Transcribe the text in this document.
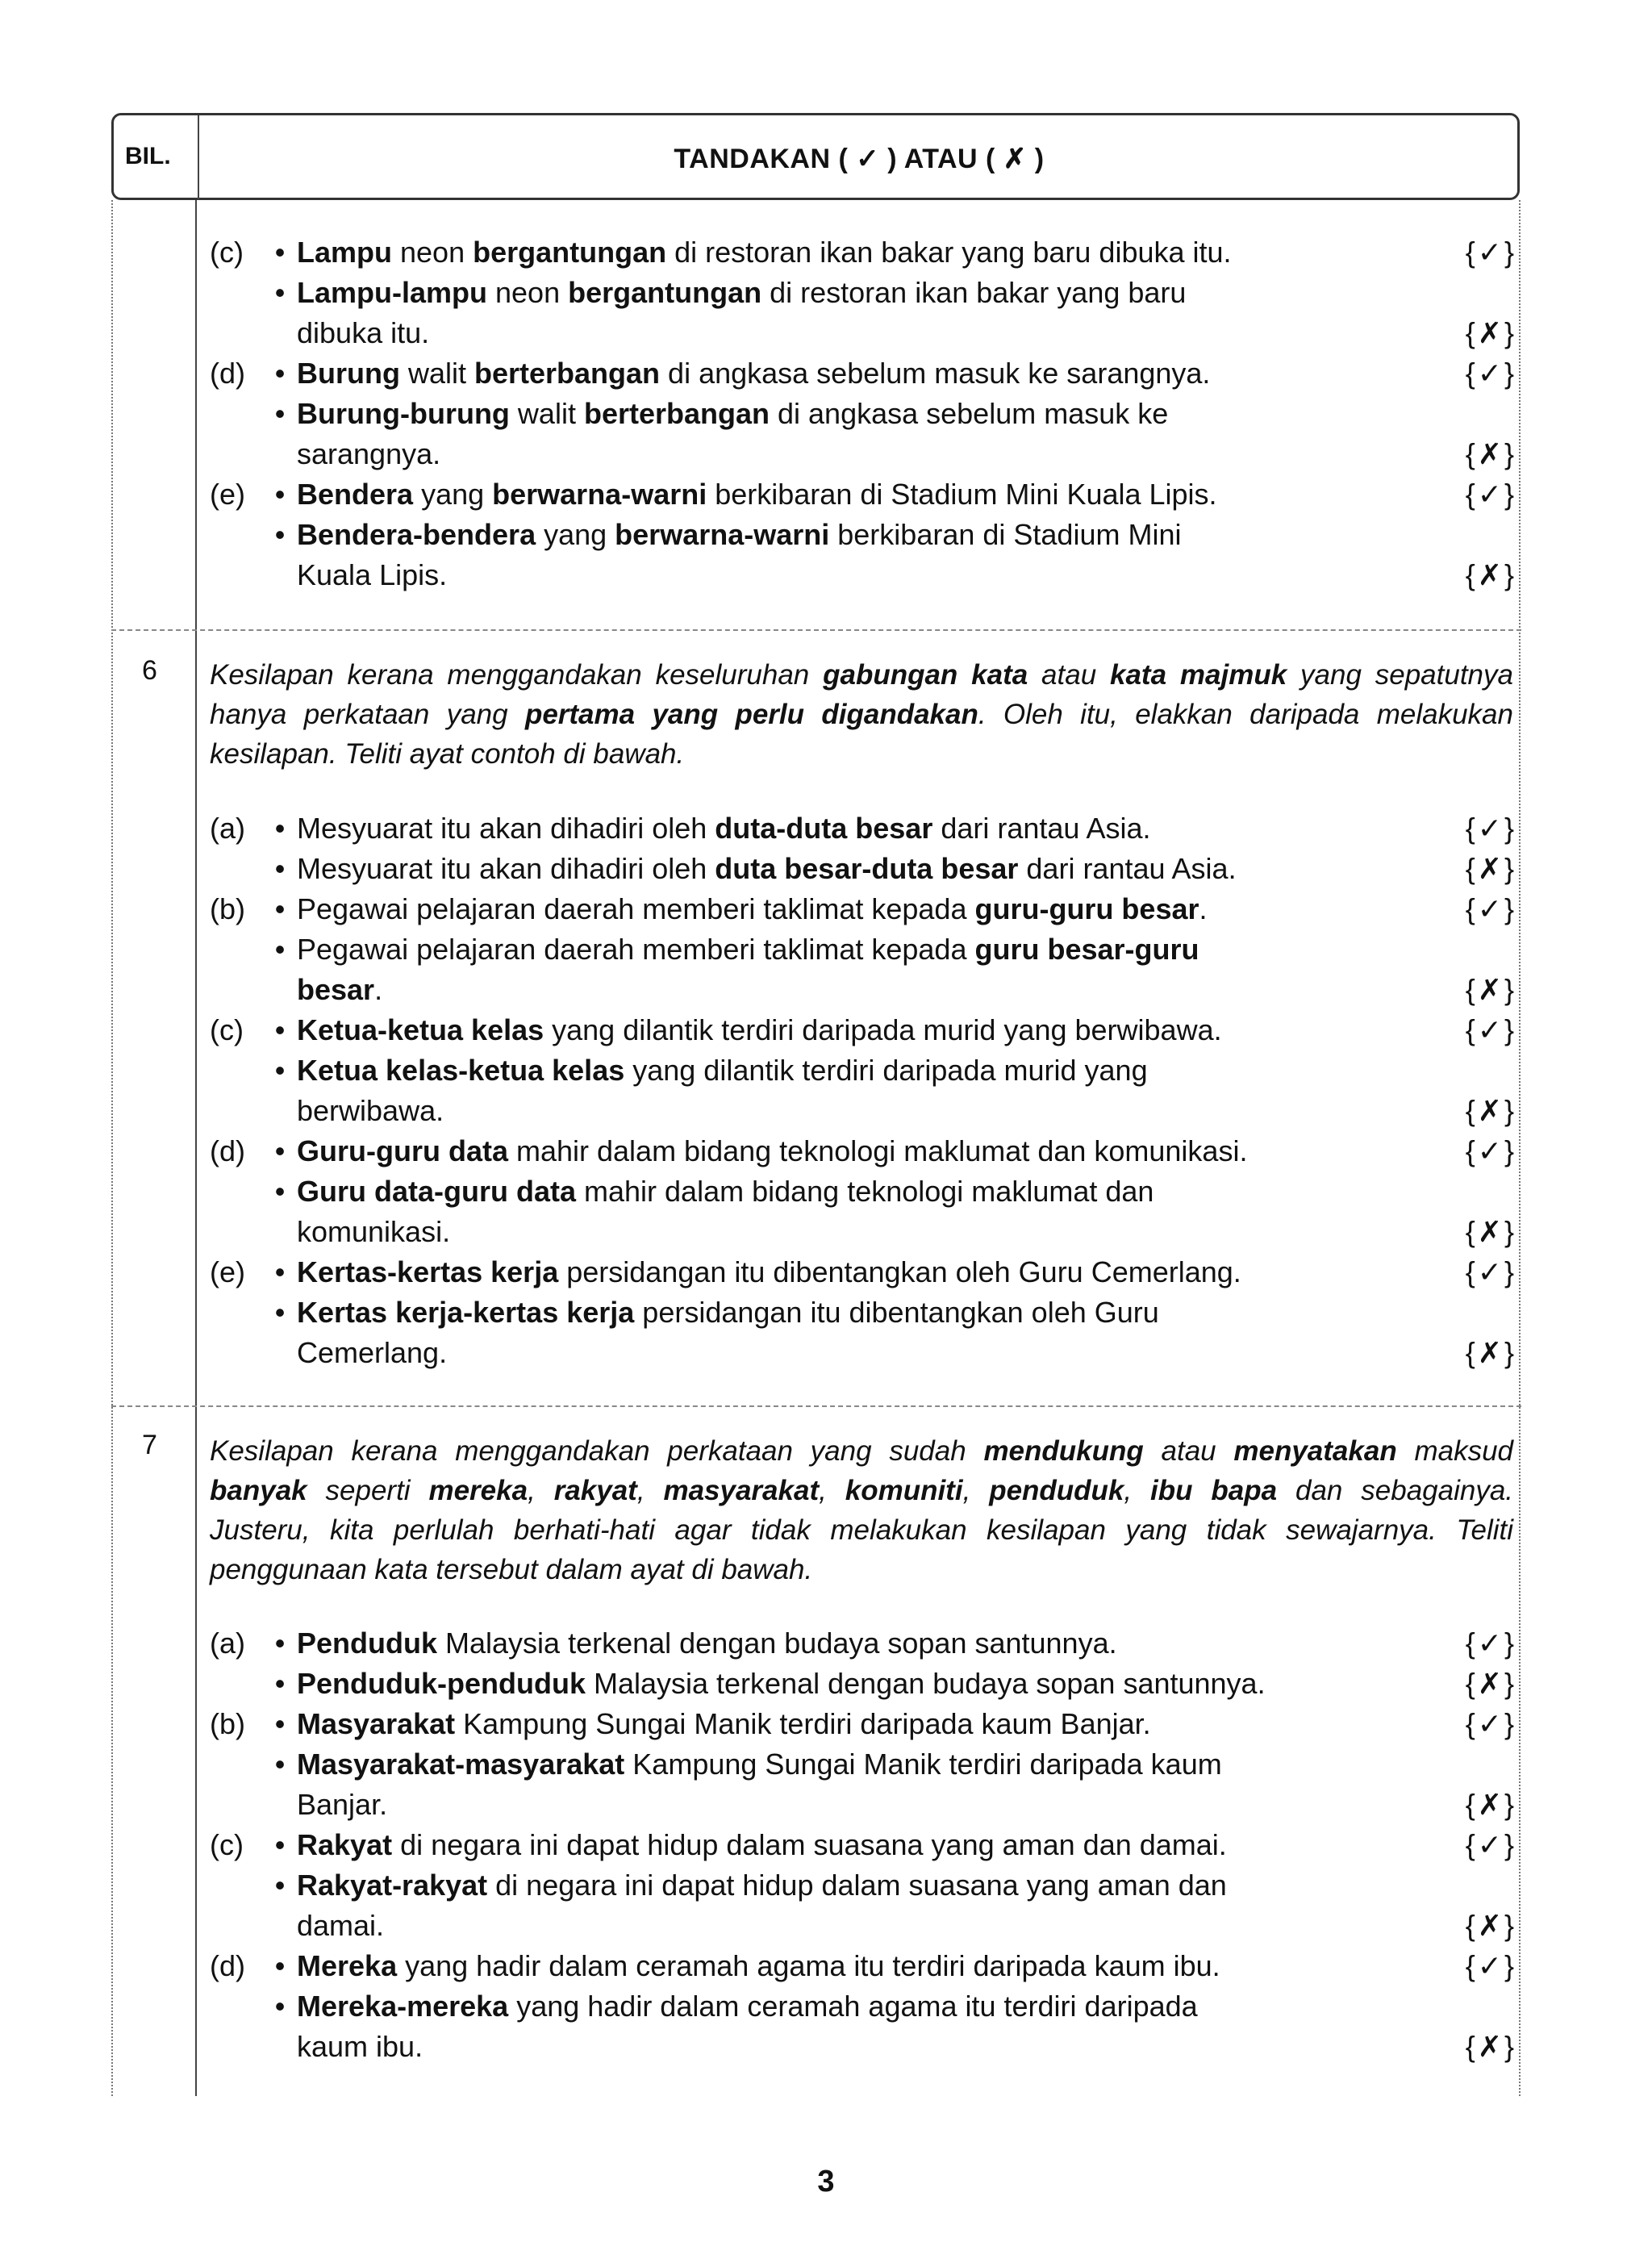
BIL.	TANDAKAN ( ✓ ) ATAU ( ✗ )
(c)	• Lampu neon bergantungan di restoran ikan bakar yang baru dibuka itu.	{✓}
• Lampu-lampu neon bergantungan di restoran ikan bakar yang baru
dibuka itu.	{✗}
(d)	• Burung walit berterbangan di angkasa sebelum masuk ke sarangnya.	{✓}
• Burung-burung walit berterbangan di angkasa sebelum masuk ke
sarangnya.	{✗}
(e)	• Bendera yang berwarna-warni berkibaran di Stadium Mini Kuala Lipis.	{✓}
• Bendera-bendera yang berwarna-warni berkibaran di Stadium Mini
Kuala Lipis.	{✗}
6 Kesilapan kerana menggandakan keseluruhan gabungan kata atau kata majmuk yang sepatutnya hanya perkataan yang pertama yang perlu digandakan. Oleh itu, elakkan daripada melakukan kesilapan. Teliti ayat contoh di bawah.
(a)	• Mesyuarat itu akan dihadiri oleh duta-duta besar dari rantau Asia.	{✓}
• Mesyuarat itu akan dihadiri oleh duta besar-duta besar dari rantau Asia.	{✗}
(b)	• Pegawai pelajaran daerah memberi taklimat kepada guru-guru besar.	{✓}
• Pegawai pelajaran daerah memberi taklimat kepada guru besar-guru
besar.	{✗}
(c)	• Ketua-ketua kelas yang dilantik terdiri daripada murid yang berwibawa.	{✓}
• Ketua kelas-ketua kelas yang dilantik terdiri daripada murid yang
berwibawa.	{✗}
(d)	• Guru-guru data mahir dalam bidang teknologi maklumat dan komunikasi.	{✓}
• Guru data-guru data mahir dalam bidang teknologi maklumat dan
komunikasi.	{✗}
(e)	• Kertas-kertas kerja persidangan itu dibentangkan oleh Guru Cemerlang.	{✓}
• Kertas kerja-kertas kerja persidangan itu dibentangkan oleh Guru
Cemerlang.	{✗}
7 Kesilapan kerana menggandakan perkataan yang sudah mendukung atau menyatakan maksud banyak seperti mereka, rakyat, masyarakat, komuniti, penduduk, ibu bapa dan sebagainya. Justeru, kita perlulah berhati-hati agar tidak melakukan kesilapan yang tidak sewajarnya. Teliti penggunaan kata tersebut dalam ayat di bawah.
(a)	• Penduduk Malaysia terkenal dengan budaya sopan santunnya.	{✓}
• Penduduk-penduduk Malaysia terkenal dengan budaya sopan santunnya.	{✗}
(b)	• Masyarakat Kampung Sungai Manik terdiri daripada kaum Banjar.	{✓}
• Masyarakat-masyarakat Kampung Sungai Manik terdiri daripada kaum
Banjar.	{✗}
(c)	• Rakyat di negara ini dapat hidup dalam suasana yang aman dan damai.	{✓}
• Rakyat-rakyat di negara ini dapat hidup dalam suasana yang aman dan
damai.	{✗}
(d)	• Mereka yang hadir dalam ceramah agama itu terdiri daripada kaum ibu.	{✓}
• Mereka-mereka yang hadir dalam ceramah agama itu terdiri daripada
kaum ibu.	{✗}
3
